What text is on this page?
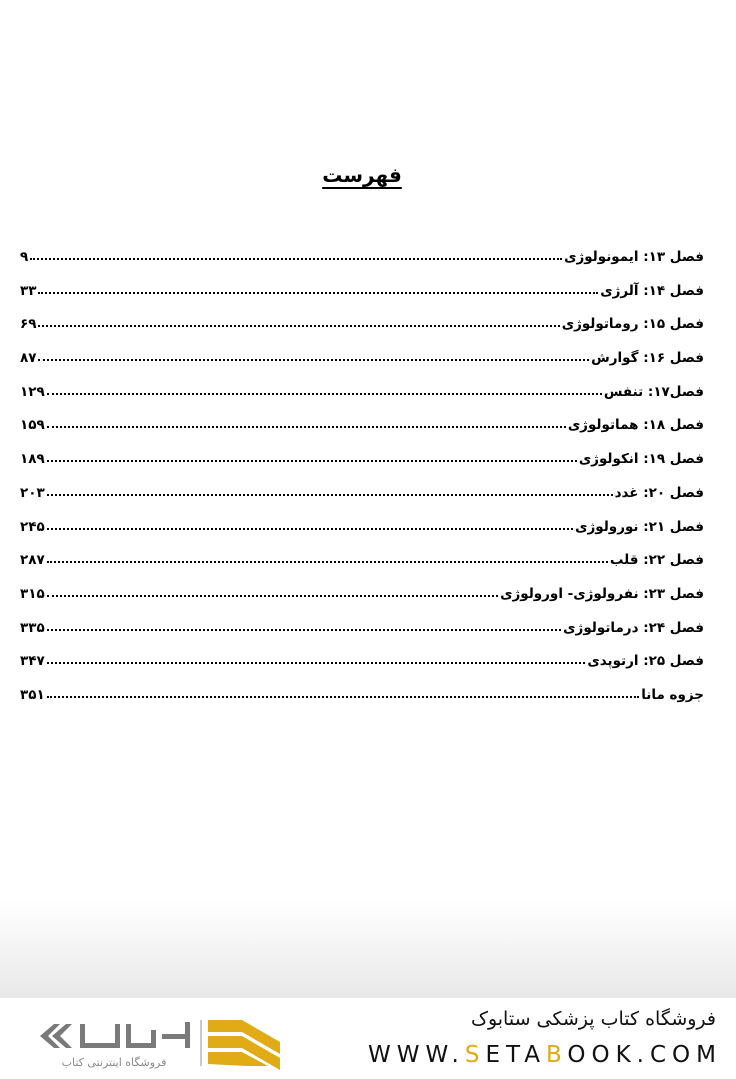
فهرست
فصل ۱۳: ایمونولوژی
۹
فصل ۱۴: آلرژی
۳۳
فصل ۱۵: روماتولوژی
۶۹
فصل ۱۶: گوارش
۸۷
فصل۱۷: تنفس
۱۲۹
فصل ۱۸: هماتولوژی
۱۵۹
فصل ۱۹: انکولوژی
۱۸۹
فصل ۲۰: غدد
۲۰۳
فصل ۲۱: نورولوژی
۲۴۵
فصل ۲۲: قلب
۲۸۷
فصل ۲۳: نفرولوژی- اورولوژی
۳۱۵
فصل ۲۴: درماتولوژی
۳۳۵
فصل ۲۵: ارتوپدی
۳۴۷
جزوه مانا
۳۵۱
فروشگاه اینترنتی کتاب
فروشگاه کتاب پزشکی ستابوک
WWW.SETABOOK.COM
